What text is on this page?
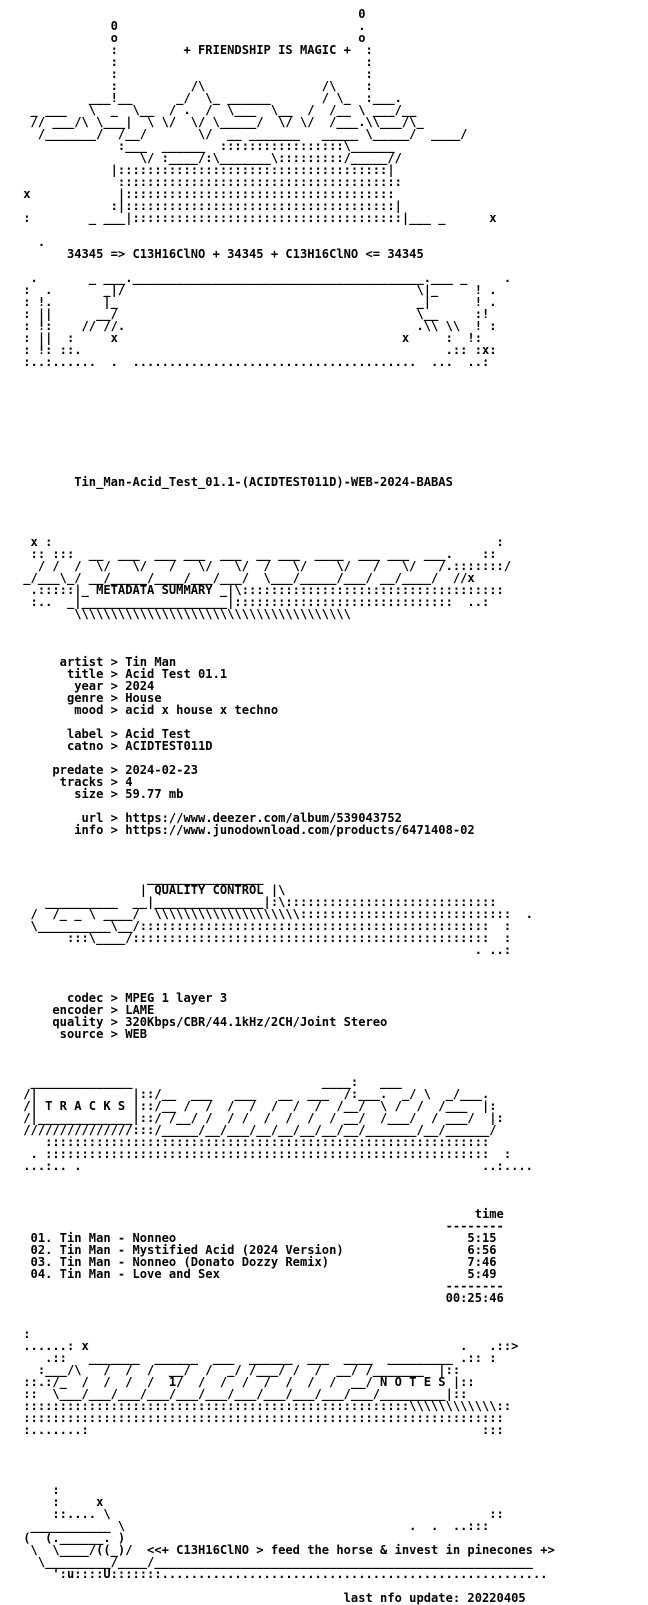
0
0                                 .
o                                 o
:         + FRIENDSHIP IS MAGIC +  :
:                                  :
:                                  :
:          /\                /\    :
___!__      _/  \_ ______       / \_  :___.
_ ___   \  _  \__  / .  /  \___  \__  /  /__ \ ___/__
// ___/\ \___|  \ \/  \/ \_____/  \/ \/  /___.\\___/\_
/_______/  /__/       \/  __ _______   _____ \_____/  ____/
:___  ______  :::::::::::::::::\______
\/ :____/:\_______\:::::::::/_____//
|:::::::::::::::::::::::::::::::::::::|
:::::::::::::::::::::::::::::::::::::::
x            |:::::::::::::::::::::::::::::::::::::
:|:::::::::::::::::::::::::::::::::::::|
:        _ ___|:::::::::::::::::::::::::::::::::::::|___ _      x

.
34345 => C13H16ClNO + 34345 + C13H16ClNO <= 34345

.       _ ___.________________________________________.___ _     .
:  .       _|/                                        \|_     ! .
: !.       |_                                         _|      ! .
: ||      __/                                         \__     :!
: !:    // //.                                        .\\ \\  ! :
: ||  :     x                                       x     :  !:
: !: ::.                                                  .:: :x:
:..:......  .  .......................................  ...  ..:

Tin_Man-Acid_Test_01.1-(ACIDTEST011D)-WEB-2024-BABAS

x :                                                             :
:: :::  __  ___  ___ ___  ___  __ ___  ____  ___ ___  ___.    ::
/ /  /  \/   \/   /   \/   \/  /   \/    \/   /   \/   /.:::::::/
_/___\_/ __/_____/____/___/___/  \___/_____/___/ __/____/  //x
.:::::|_ METADATA SUMMARY _|\::::::::::::::::::::::::::::::::::::
:..  _|____________________|::::::::::::::::::::::::::::::  ..:
\\\\\\\\\\\\\\\\\\\\\\\\\\\\\\\\\\\\\\

artist > Tin Man
title > Acid Test 01.1
year > 2024
genre > House
mood > acid x house x techno

label > Acid Test
catno > ACIDTEST011D

predate > 2024-02-23
tracks > 4
size > 59.77 mb

url > https://www.deezer.com/album/539043752
info > https://www.junodownload.com/products/6471408-02

________________
| QUALITY CONTROL |\
__________  __|_______________|:\:::::::::::::::::::::::::::::
/  /_ _ \ ____/  \\\\\\\\\\\\\\\\\\\\:::::::::::::::::::::::::::::  .
\__________\__/::::::::::::::::::::::::::::::::::::::::::::::::  :
:::\____/:::::::::::::::::::::::::::::::::::::::::::::::::  :
. ..:

codec > MPEG 1 layer 3
encoder > LAME
quality > 320Kbps/CBR/44.1kHz/2CH/Joint Stereo
source > WEB

______________                          ____:   ___
/|             |::/__  ___   ___   __  ___  /:___.  _/ \  _/___.
/| T R A C K S |::/__ /  /  /  /  /  /  /  /__/  \ /  /  /___  |:
/|_____________|::/ /__/ /  / /  /  /  /  / __/  /___/  / ___/  |:
///////////////:::/_____/__/___/__/__/__/__/__/_______/__/______/
:::::::::::::::::::::::::::::::::::::::::::::::::::::::::::::
. :::::::::::::::::::::::::::::::::::::::::::::::::::::::::::::  :
...:.. .                                                       ..:....

time
--------
01. Tin Man - Nonneo                                        5:15
02. Tin Man - Mystified Acid (2024 Version)                 6:56
03. Tin Man - Nonneo (Donato Dozzy Remix)                   7:46
04. Tin Man - Love and Sex                                  5:49
--------
00:25:46

:
......: x                                                   .   .::>
.::   _______  ______  ___  ______  ___  ____  _________ .:: :
:___/\   /  /  /  __/  /  _/ /___/ /  /  __/ /_______  |::
::.:/_  /  /  /  /  1/  /  /  /  /  /  /  /  __/ N O T E S |::
::  \___/___/___/___/___/___/___/___/___/___/___/_________|::
:::::::::::::::::::::::::::::::::::::::::::::::::::::\\\\\\\\\\\\::
::::::::::::::::::::::::::::::::::::::::::::::::::::::::::::::::::
:.......:                                                      :::

:
:     x
::.... \                                                    ::
___________ \                                       .  .  ..:::
(  (.______. )
\  \____/((_)/  <<+ C13H16ClNO > feed the horse & invest in pinecones +>
\_________/____/____________________________________________________
':u::::U:::::::.....................................................

last nfo update: 20220405
